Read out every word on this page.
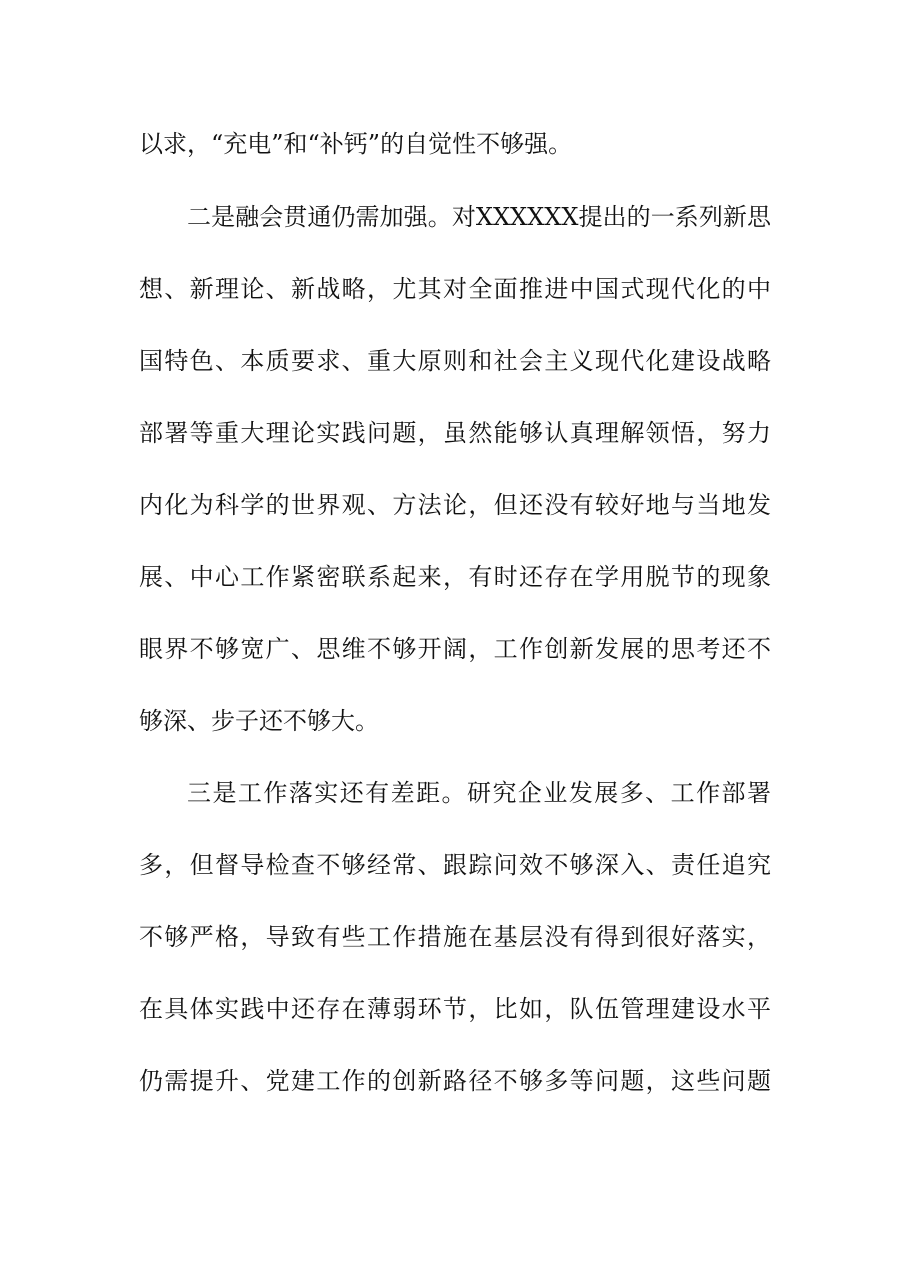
以求，“充电”和“补钙”的自觉性不够强。
二是融会贯通仍需加强。对XXXXXX提出的一系列新思
想、新理论、新战略，尤其对全面推进中国式现代化的中
国特色、本质要求、重大原则和社会主义现代化建设战略
部署等重大理论实践问题，虽然能够认真理解领悟，努力
内化为科学的世界观、方法论，但还没有较好地与当地发
展、中心工作紧密联系起来，有时还存在学用脱节的现象
眼界不够宽广、思维不够开阔，工作创新发展的思考还不
够深、步子还不够大。
三是工作落实还有差距。研究企业发展多、工作部署
多，但督导检查不够经常、跟踪问效不够深入、责任追究
不够严格，导致有些工作措施在基层没有得到很好落实，
在具体实践中还存在薄弱环节，比如，队伍管理建设水平
仍需提升、党建工作的创新路径不够多等问题，这些问题
